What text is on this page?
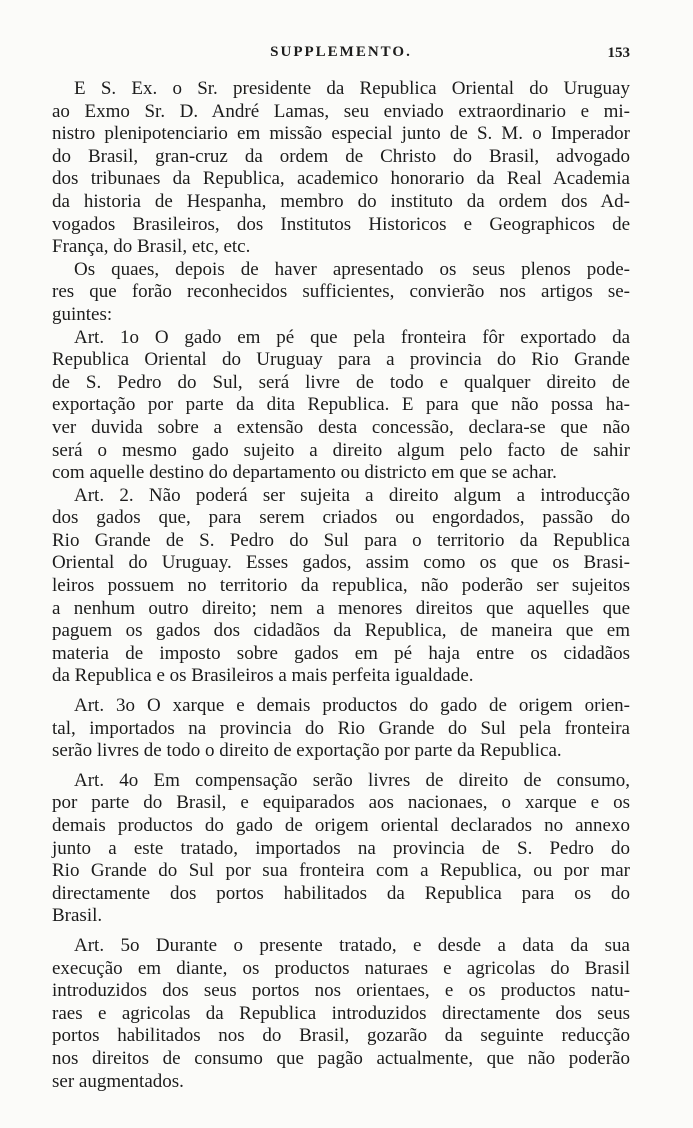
SUPPLEMENTO.	153
E S. Ex. o Sr. presidente da Republica Oriental do Uruguay
ao Exmo Sr. D. André Lamas, seu enviado extraordinario e mi-
nistro plenipotenciario em missão especial junto de S. M. o Imperador
do Brasil, gran-cruz da ordem de Christo do Brasil, advogado
dos tribunaes da Republica, academico honorario da Real Academia
da historia de Hespanha, membro do instituto da ordem dos Ad-
vogados Brasileiros, dos Institutos Historicos e Geographicos de
França, do Brasil, etc, etc.
Os quaes, depois de haver apresentado os seus plenos pode-
res que forão reconhecidos sufficientes, convierão nos artigos se-
guintes:
Art. 1o O gado em pé que pela fronteira fôr exportado da
Republica Oriental do Uruguay para a provincia do Rio Grande
de S. Pedro do Sul, será livre de todo e qualquer direito de
exportação por parte da dita Republica. E para que não possa ha-
ver duvida sobre a extensão desta concessão, declara-se que não
será o mesmo gado sujeito a direito algum pelo facto de sahir
com aquelle destino do departamento ou districto em que se achar.
Art. 2. Não poderá ser sujeita a direito algum a introducção
dos gados que, para serem criados ou engordados, passão do
Rio Grande de S. Pedro do Sul para o territorio da Republica
Oriental do Uruguay. Esses gados, assim como os que os Brasi-
leiros possuem no territorio da republica, não poderão ser sujeitos
a nenhum outro direito; nem a menores direitos que aquelles que
paguem os gados dos cidadãos da Republica, de maneira que em
materia de imposto sobre gados em pé haja entre os cidadãos
da Republica e os Brasileiros a mais perfeita igualdade.
Art. 3o O xarque e demais productos do gado de origem orien-
tal, importados na provincia do Rio Grande do Sul pela fronteira
serão livres de todo o direito de exportação por parte da Republica.
Art. 4o Em compensação serão livres de direito de consumo,
por parte do Brasil, e equiparados aos nacionaes, o xarque e os
demais productos do gado de origem oriental declarados no annexo
junto a este tratado, importados na provincia de S. Pedro do
Rio Grande do Sul por sua fronteira com a Republica, ou por mar
directamente dos portos habilitados da Republica para os do
Brasil.
Art. 5o Durante o presente tratado, e desde a data da sua
execução em diante, os productos naturaes e agricolas do Brasil
introduzidos dos seus portos nos orientaes, e os productos natu-
raes e agricolas da Republica introduzidos directamente dos seus
portos habilitados nos do Brasil, gozarão da seguinte reducção
nos direitos de consumo que pagão actualmente, que não poderão
ser augmentados.
